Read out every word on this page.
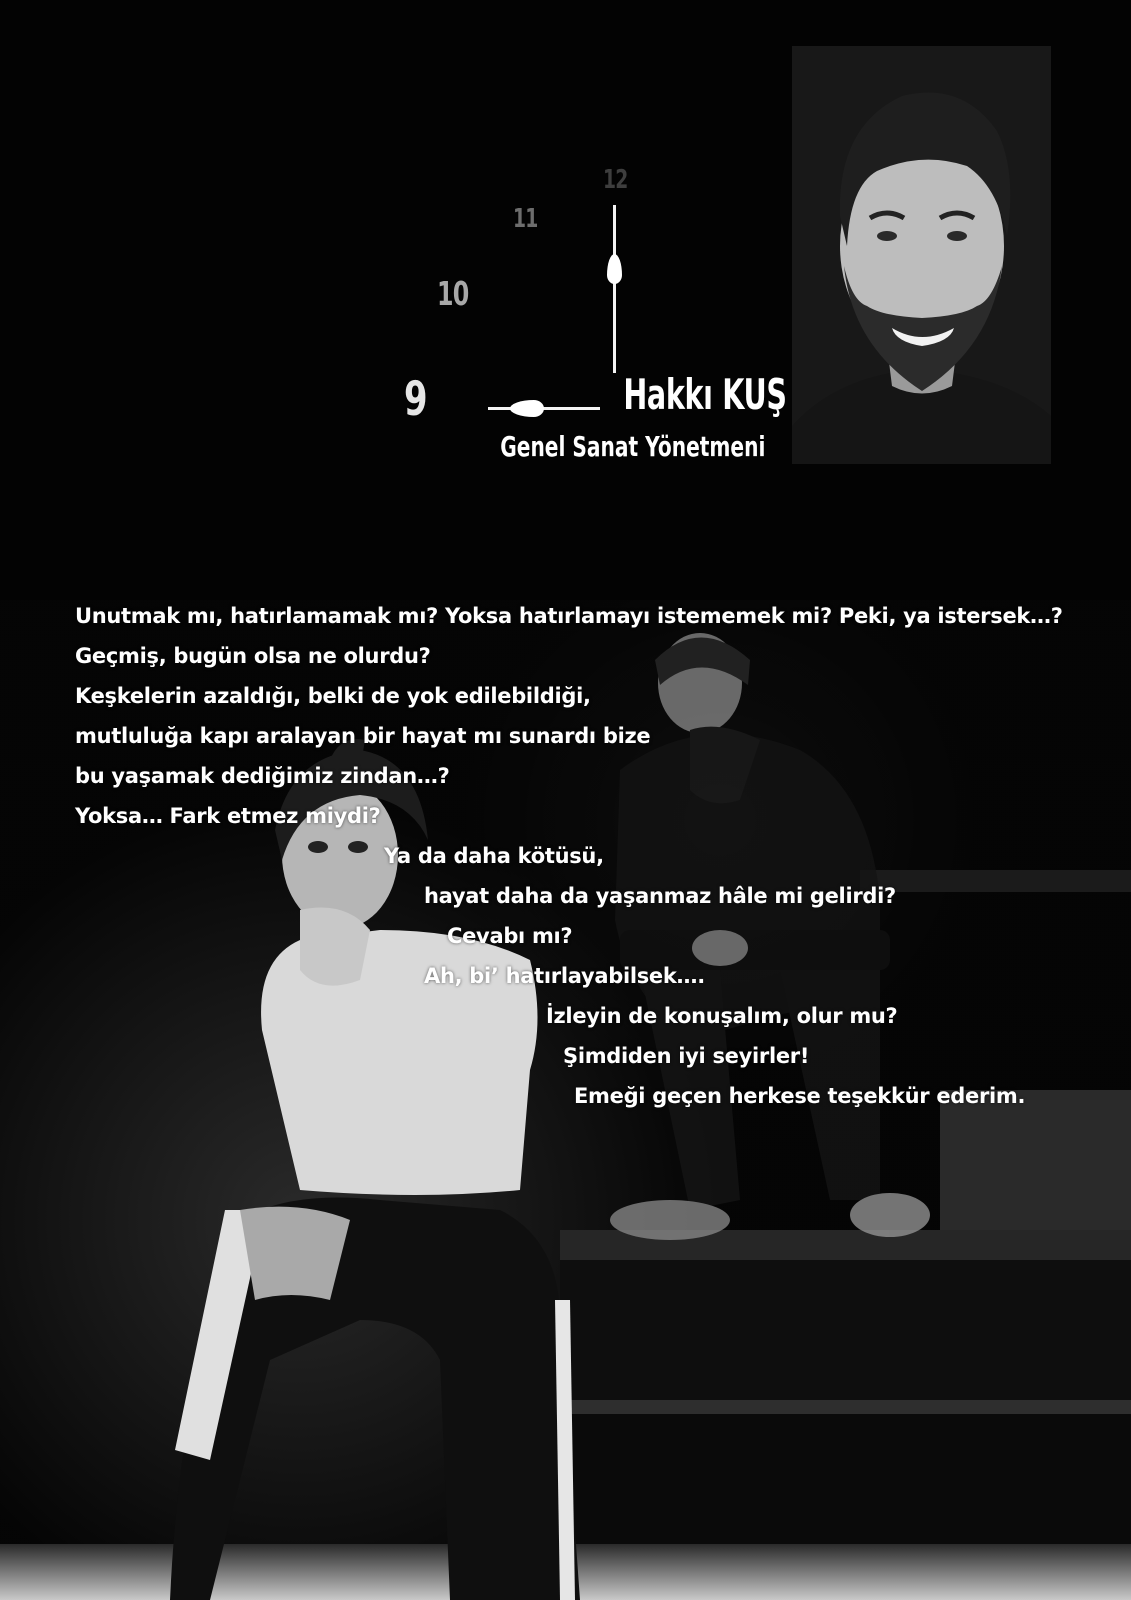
12
11
10
9	Hakkı KUŞ
Genel Sanat Yönetmeni
Unutmak mı, hatırlamamak mı? Yoksa hatırlamayı istememek mi? Peki, ya istersek…?
Geçmiş, bugün olsa ne olurdu?
Keşkelerin azaldığı, belki de yok edilebildiği,
mutluluğa kapı aralayan bir hayat mı sunardı bize
bu yaşamak dediğimiz zindan…?
Yoksa… Fark etmez miydi?
Ya da daha kötüsü,
hayat daha da yaşanmaz hâle mi gelirdi?
Cevabı mı?
Ah, bi’ hatırlayabilsek….
İzleyin de konuşalım, olur mu?
Şimdiden iyi seyirler!
Emeği geçen herkese teşekkür ederim.
